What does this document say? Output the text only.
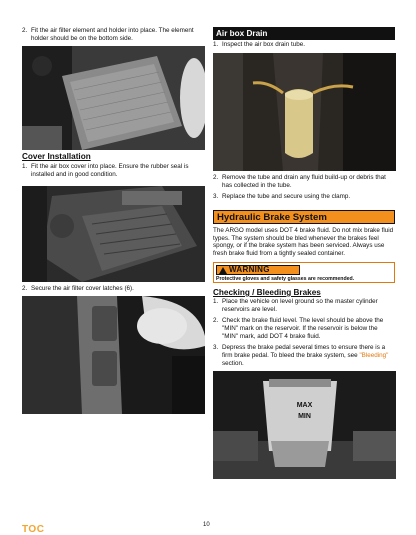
2. Fit the air filter element and holder into place. The element holder should be on the bottom side.
Cover Installation
1. Fit the air box cover into place. Ensure the rubber seal is installed and in good condition.
2. Secure the air filter cover latches (6).
Air box Drain
1. Inspect the air box drain tube.
2. Remove the tube and drain any fluid build-up or debris that has collected in the tube.
3. Replace the tube and secure using the clamp.
Hydraulic Brake System

The ARGO model uses DOT 4 brake fluid. Do not mix brake fluid types. The system should be bled whenever the brakes feel spongy, or if the brake system has been serviced. Always use fresh brake fluid from a tightly sealed container.

WARNING
Protective gloves and safety glasses are recommended.
Checking / Bleeding Brakes
1. Place the vehicle on level ground so the master cylinder reservoirs are level.
2. Check the brake fluid level. The level should be above the "MIN" mark on the reservoir. If the reservoir is below the "MIN" mark, add DOT 4 brake fluid.
3. Depress the brake pedal several times to ensure there is a firm brake pedal. To bleed the brake system, see "Bleeding" section.
MAX
MIN
10
TOC
